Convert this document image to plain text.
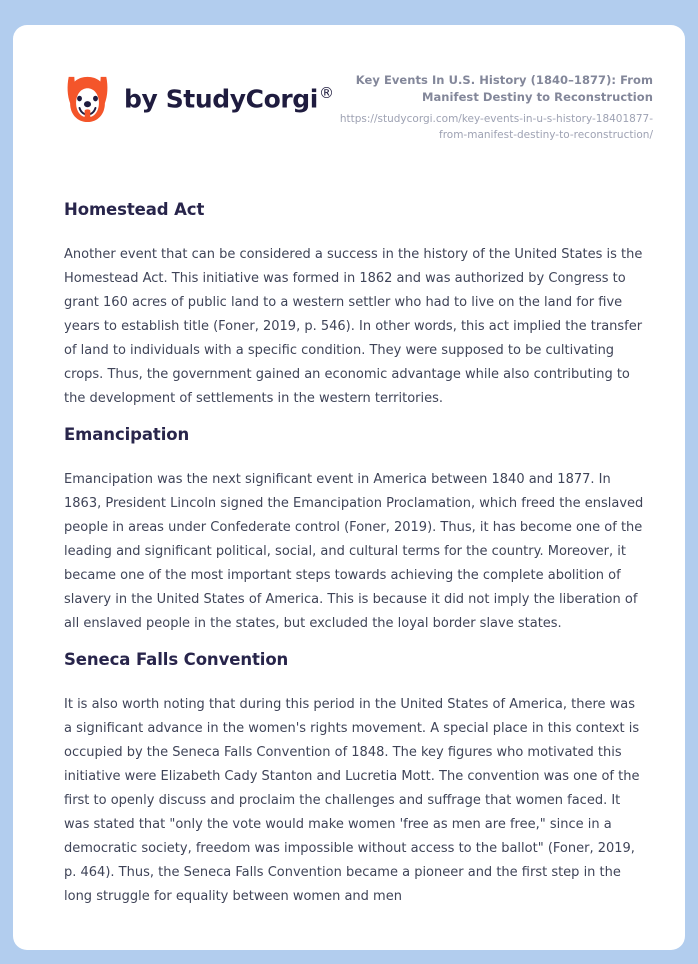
by StudyCorgi®
Key Events In U.S. History (1840–1877): From Manifest Destiny to Reconstruction
https://studycorgi.com/key-events-in-u-s-history-18401877-from-manifest-destiny-to-reconstruction/
Homestead Act

Another event that can be considered a success in the history of the United States is the Homestead Act. This initiative was formed in 1862 and was authorized by Congress to grant 160 acres of public land to a western settler who had to live on the land for five years to establish title (Foner, 2019, p. 546). In other words, this act implied the transfer of land to individuals with a specific condition. They were supposed to be cultivating crops. Thus, the government gained an economic advantage while also contributing to the development of settlements in the western territories.

Emancipation

Emancipation was the next significant event in America between 1840 and 1877. In 1863, President Lincoln signed the Emancipation Proclamation, which freed the enslaved people in areas under Confederate control (Foner, 2019). Thus, it has become one of the leading and significant political, social, and cultural terms for the country. Moreover, it became one of the most important steps towards achieving the complete abolition of slavery in the United States of America. This is because it did not imply the liberation of all enslaved people in the states, but excluded the loyal border slave states.

Seneca Falls Convention

It is also worth noting that during this period in the United States of America, there was a significant advance in the women's rights movement. A special place in this context is occupied by the Seneca Falls Convention of 1848. The key figures who motivated this initiative were Elizabeth Cady Stanton and Lucretia Mott. The convention was one of the first to openly discuss and proclaim the challenges and suffrage that women faced. It was stated that "only the vote would make women 'free as men are free," since in a democratic society, freedom was impossible without access to the ballot" (Foner, 2019, p. 464). Thus, the Seneca Falls Convention became a pioneer and the first step in the long struggle for equality between women and men
